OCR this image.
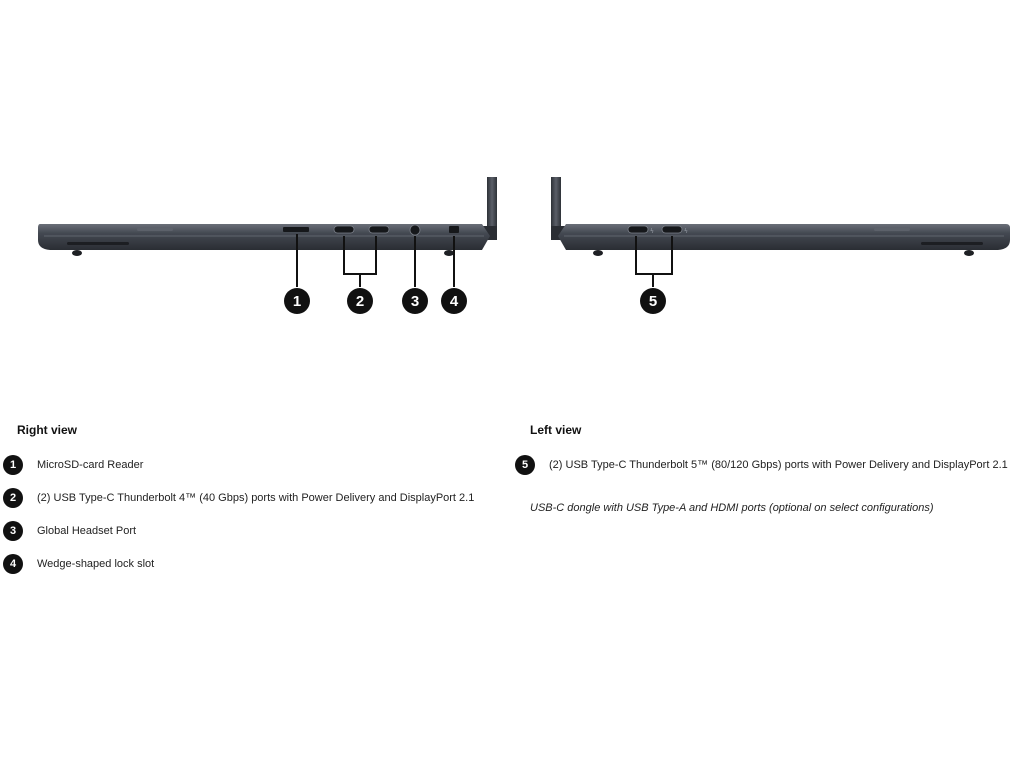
1	2	3 4
ϟ	ϟ
5
Right view
1	MicroSD-card Reader
2	(2) USB Type-C Thunderbolt 4™ (40 Gbps) ports with Power Delivery and DisplayPort 2.1
3	Global Headset Port
4	Wedge-shaped lock slot
Left view
5	(2) USB Type-C Thunderbolt 5™ (80/120 Gbps) ports with Power Delivery and DisplayPort 2.1
USB-C dongle with USB Type-A and HDMI ports (optional on select configurations)
